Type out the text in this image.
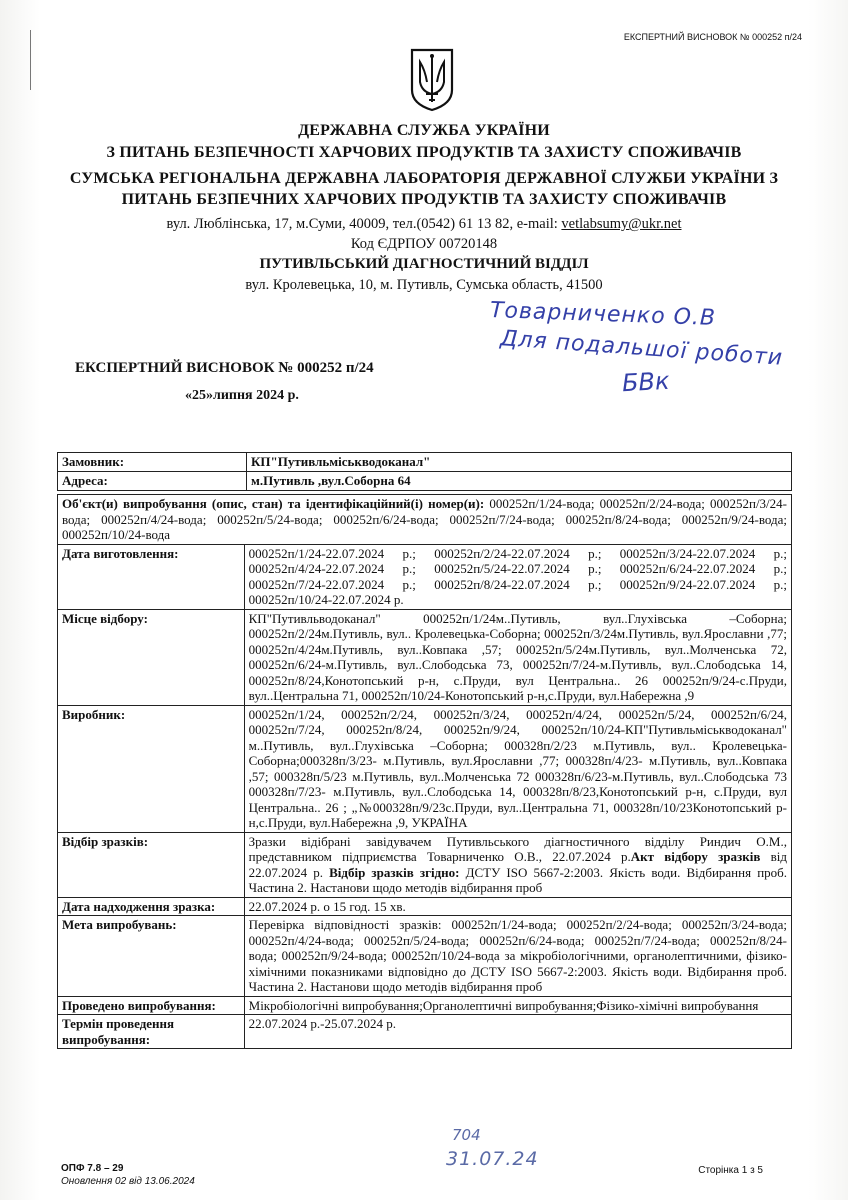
ЕКСПЕРТНИЙ ВИСНОВОК № 000252 п/24
ДЕРЖАВНА СЛУЖБА УКРАЇНИ
З ПИТАНЬ БЕЗПЕЧНОСТІ ХАРЧОВИХ ПРОДУКТІВ ТА ЗАХИСТУ СПОЖИВАЧІВ
СУМСЬКА РЕГІОНАЛЬНА ДЕРЖАВНА ЛАБОРАТОРІЯ ДЕРЖАВНОЇ СЛУЖБИ УКРАЇНИ З
ПИТАНЬ БЕЗПЕЧНИХ ХАРЧОВИХ ПРОДУКТІВ ТА ЗАХИСТУ СПОЖИВАЧІВ
вул. Люблінська, 17, м.Суми, 40009, тел.(0542) 61 13 82, e-mail: vetlabsumy@ukr.net
Код ЄДРПОУ 00720148
ПУТИВЛЬСЬКИЙ ДІАГНОСТИЧНИЙ ВІДДІЛ
вул. Кролевецька, 10, м. Путивль, Сумська область, 41500
Товарниченко О.В
Для подальшої роботи
БВк
ЕКСПЕРТНИЙ ВИСНОВОК № 000252 п/24
«25»липня 2024 р.
Замовник:	КП"Путивльміськводоканал"
Адреса:	м.Путивль ,вул.Соборна 64
Об'єкт(и) випробування (опис, стан) та ідентифікаційний(і) номер(и): 000252п/1/24-вода; 000252п/2/24-вода; 000252п/3/24-вода; 000252п/4/24-вода; 000252п/5/24-вода; 000252п/6/24-вода; 000252п/7/24-вода; 000252п/8/24-вода; 000252п/9/24-вода; 000252п/10/24-вода	
Дата виготовлення:	000252п/1/24-22.07.2024 р.; 000252п/2/24-22.07.2024 р.; 000252п/3/24-22.07.2024 р.; 000252п/4/24-22.07.2024 р.; 000252п/5/24-22.07.2024 р.; 000252п/6/24-22.07.2024 р.; 000252п/7/24-22.07.2024 р.; 000252п/8/24-22.07.2024 р.; 000252п/9/24-22.07.2024 р.; 000252п/10/24-22.07.2024 р.
Місце відбору:	КП"Путивльводоканал" 000252п/1/24м..Путивль, вул..Глухівська –Соборна; 000252п/2/24м.Путивль, вул.. Кролевецька-Соборна; 000252п/3/24м.Путивль, вул.Ярославни ,77; 000252п/4/24м.Путивль, вул..Ковпака ,57; 000252п/5/24м.Путивль, вул..Молченська 72, 000252п/6/24-м.Путивль, вул..Слободська 73, 000252п/7/24-м.Путивль, вул..Слободська 14, 000252п/8/24,Конотопський р-н, с.Пруди, вул Центральна.. 26 000252п/9/24-с.Пруди, вул..Центральна 71, 000252п/10/24-Конотопський р-н,с.Пруди, вул.Набережна ,9
Виробник:	000252п/1/24, 000252п/2/24, 000252п/3/24, 000252п/4/24, 000252п/5/24, 000252п/6/24, 000252п/7/24, 000252п/8/24, 000252п/9/24, 000252п/10/24-КП"Путивльміськводоканал" м..Путивль, вул..Глухівська –Соборна; 000328п/2/23 м.Путивль, вул.. Кролевецька-Соборна;000328п/3/23- м.Путивль, вул.Ярославни ,77; 000328п/4/23- м.Путивль, вул..Ковпака ,57; 000328п/5/23 м.Путивль, вул..Молченська 72 000328п/6/23-м.Путивль, вул..Слободська 73 000328п/7/23- м.Путивль, вул..Слободська 14, 000328п/8/23,Конотопський р-н, с.Пруди, вул Центральна.. 26 ; „№000328п/9/23с.Пруди, вул..Центральна 71, 000328п/10/23Конотопський р-н,с.Пруди, вул.Набережна ,9, УКРАЇНА
Відбір зразків:	Зразки відібрані завідувачем Путивльського діагностичного відділу Риндич О.М., представником підприємства Товарниченко О.В., 22.07.2024 р.Акт відбору зразків від 22.07.2024 р. Відбір зразків згідно: ДСТУ ISO 5667-2:2003. Якість води. Відбирання проб. Частина 2. Настанови щодо методів відбирання проб
Дата надходження зразка:	22.07.2024 р. о 15 год. 15 хв.
Мета випробувань:	Перевірка відповідності зразків: 000252п/1/24-вода; 000252п/2/24-вода; 000252п/3/24-вода; 000252п/4/24-вода; 000252п/5/24-вода; 000252п/6/24-вода; 000252п/7/24-вода; 000252п/8/24-вода; 000252п/9/24-вода; 000252п/10/24-вода за мікробіологічними, органолептичними, фізико-хімічними показниками відповідно до ДСТУ ISO 5667-2:2003. Якість води. Відбирання проб. Частина 2. Настанови щодо методів відбирання проб
Проведено випробування:	Мікробіологічні випробування;Органолептичні випробування;Фізико-хімічні випробування
Термін проведення випробування:	22.07.2024 р.-25.07.2024 р.
704
31.07.24
ОПФ 7.8 – 29
Оновлення 02 від 13.06.2024
Сторінка 1 з 5
